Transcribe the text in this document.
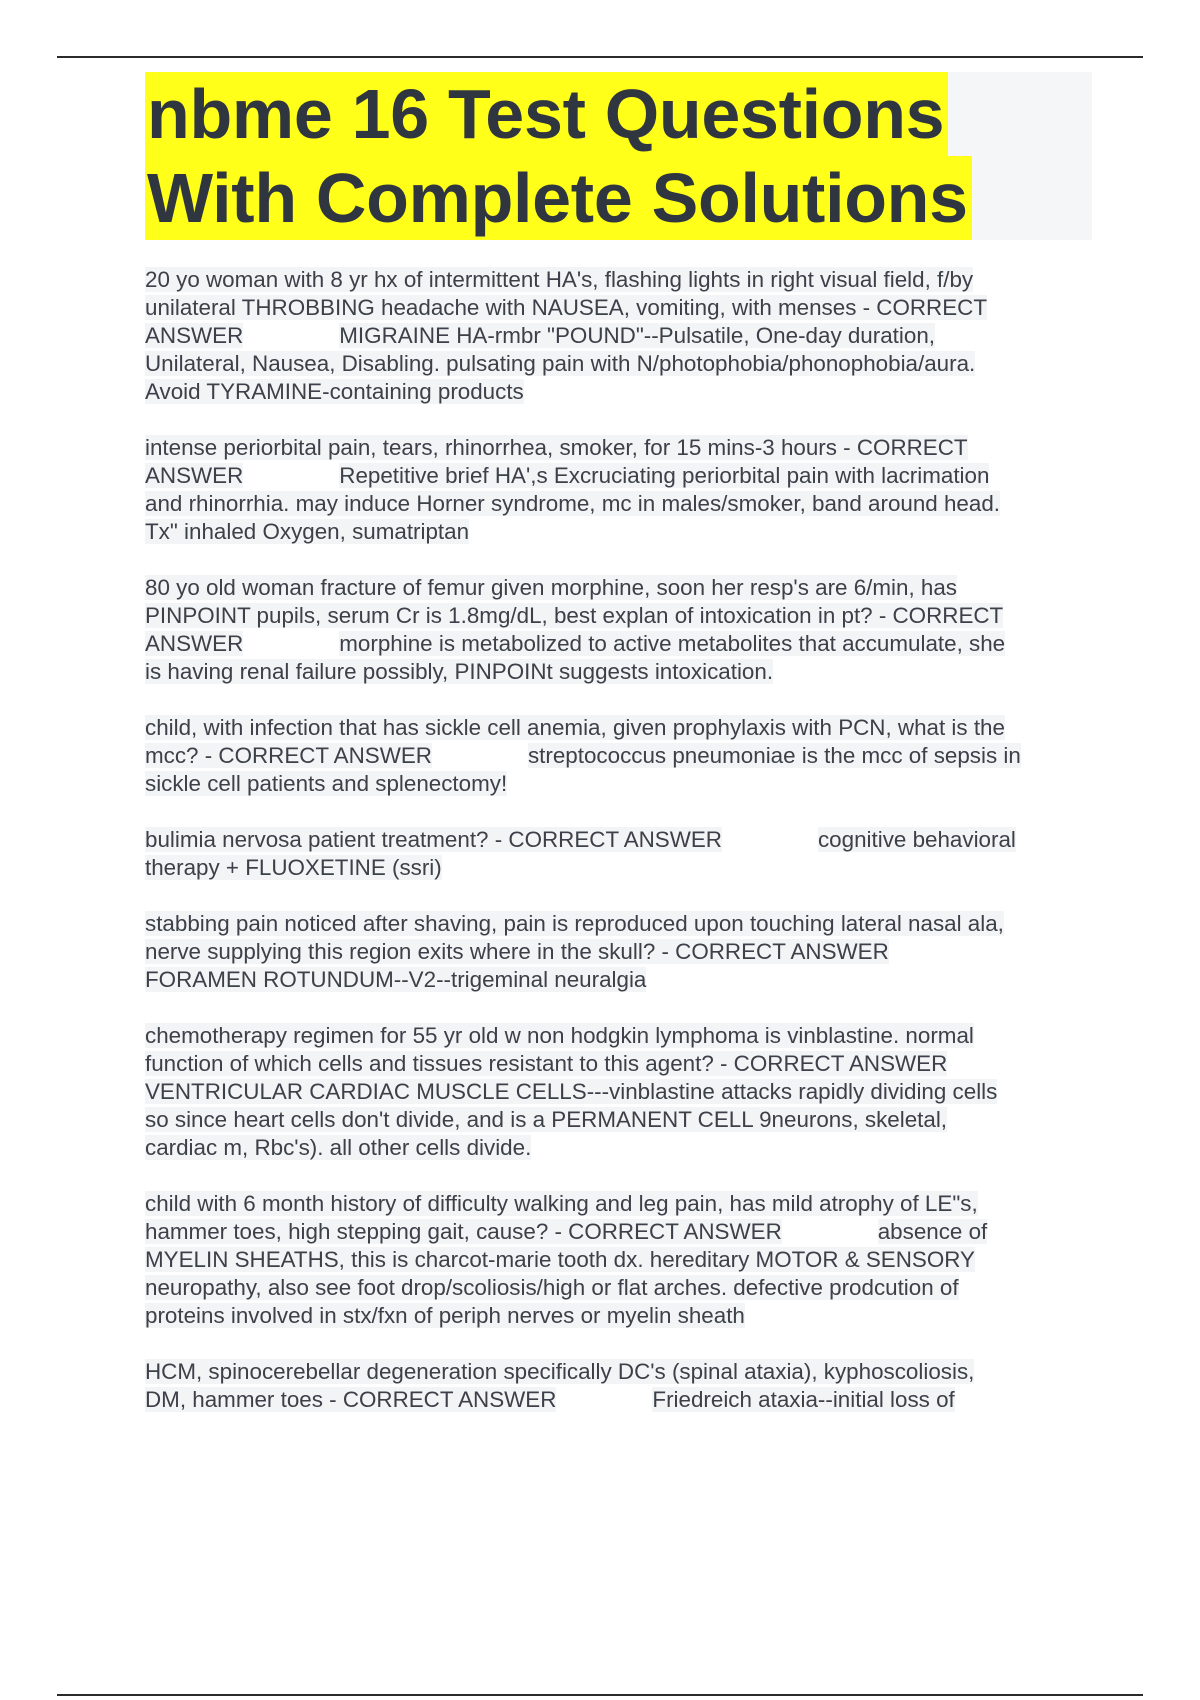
nbme 16 Test Questions
With Complete Solutions

20 yo woman with 8 yr hx of intermittent HA's, flashing lights in right visual field, f/by

unilateral THROBBING headache with NAUSEA, vomiting, with menses - CORRECT

ANSWER	MIGRAINE HA-rmbr "POUND"--Pulsatile, One-day duration,

Unilateral, Nausea, Disabling. pulsating pain with N/photophobia/phonophobia/aura.

Avoid TYRAMINE-containing products

intense periorbital pain, tears, rhinorrhea, smoker, for 15 mins-3 hours - CORRECT

ANSWER	Repetitive brief HA',s Excruciating periorbital pain with lacrimation

and rhinorrhia. may induce Horner syndrome, mc in males/smoker, band around head.

Tx" inhaled Oxygen, sumatriptan

80 yo old woman fracture of femur given morphine, soon her resp's are 6/min, has

PINPOINT pupils, serum Cr is 1.8mg/dL, best explan of intoxication in pt? - CORRECT

ANSWER	morphine is metabolized to active metabolites that accumulate, she

is having renal failure possibly, PINPOINt suggests intoxication.

child, with infection that has sickle cell anemia, given prophylaxis with PCN, what is the

mcc? - CORRECT ANSWER	streptococcus pneumoniae is the mcc of sepsis in

sickle cell patients and splenectomy!

bulimia nervosa patient treatment? - CORRECT ANSWER	cognitive behavioral

therapy + FLUOXETINE (ssri)

stabbing pain noticed after shaving, pain is reproduced upon touching lateral nasal ala,

nerve supplying this region exits where in the skull? - CORRECT ANSWER

FORAMEN ROTUNDUM--V2--trigeminal neuralgia

chemotherapy regimen for 55 yr old w non hodgkin lymphoma is vinblastine. normal

function of which cells and tissues resistant to this agent? - CORRECT ANSWER

VENTRICULAR CARDIAC MUSCLE CELLS---vinblastine attacks rapidly dividing cells

so since heart cells don't divide, and is a PERMANENT CELL 9neurons, skeletal,

cardiac m, Rbc's). all other cells divide.

child with 6 month history of difficulty walking and leg pain, has mild atrophy of LE"s,

hammer toes, high stepping gait, cause? - CORRECT ANSWER	absence of

MYELIN SHEATHS, this is charcot-marie tooth dx. hereditary MOTOR & SENSORY

neuropathy, also see foot drop/scoliosis/high or flat arches. defective prodcution of

proteins involved in stx/fxn of periph nerves or myelin sheath

HCM, spinocerebellar degeneration specifically DC's (spinal ataxia), kyphoscoliosis,

DM, hammer toes - CORRECT ANSWER	Friedreich ataxia--initial loss of
